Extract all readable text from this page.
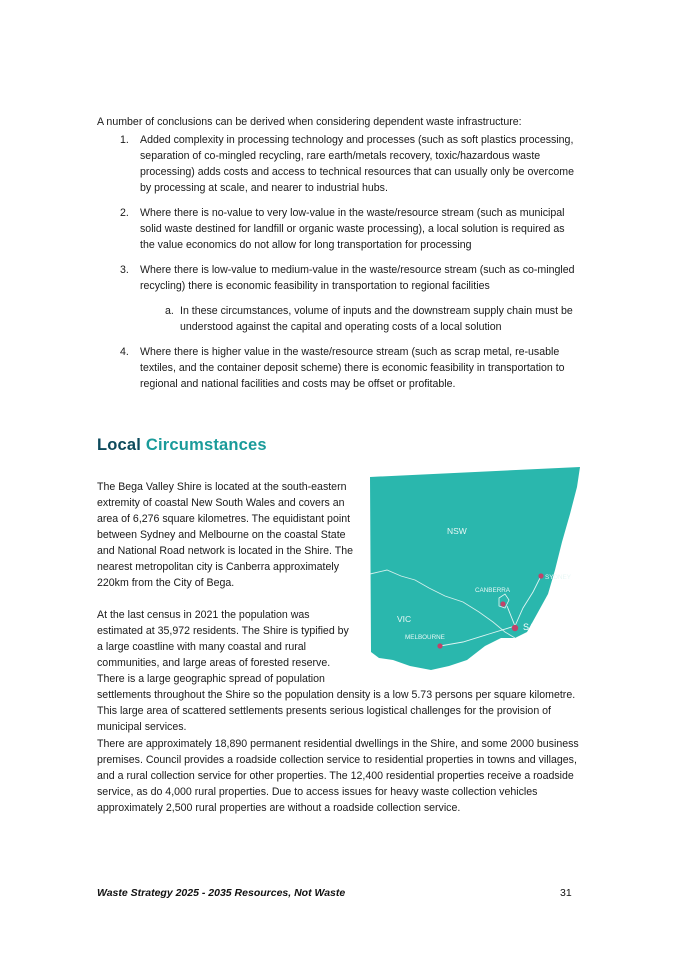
A number of conclusions can be derived when considering dependent waste infrastructure:
1. Added complexity in processing technology and processes (such as soft plastics processing, separation of co-mingled recycling, rare earth/metals recovery, toxic/hazardous waste processing) adds costs and access to technical resources that can usually only be overcome by processing at scale, and nearer to industrial hubs.
2. Where there is no-value to very low-value in the waste/resource stream (such as municipal solid waste destined for landfill or organic waste processing), a local solution is required as the value economics do not allow for long transportation for processing
3. Where there is low-value to medium-value in the waste/resource stream (such as co-mingled recycling) there is economic feasibility in transportation to regional facilities
a. In these circumstances, volume of inputs and the downstream supply chain must be understood against the capital and operating costs of a local solution
4. Where there is higher value in the waste/resource stream (such as scrap metal, re-usable textiles, and the container deposit scheme) there is economic feasibility in transportation to regional and national facilities and costs may be offset or profitable.
Local Circumstances

The Bega Valley Shire is located at the south-eastern extremity of coastal New South Wales and covers an area of 6,276 square kilometres. The equidistant point between Sydney and Melbourne on the coastal State and National Road network is located in the Shire. The nearest metropolitan city is Canberra approximately 220km from the City of Bega.

At the last census in 2021 the population was estimated at 35,972 residents. The Shire is typified by a large coastline with many coastal and rural communities, and large areas of forested reserve. There is a large geographic spread of population

settlements throughout the Shire so the population density is a low 5.73 persons per square kilometre. This large area of scattered settlements presents serious logistical challenges for the provision of municipal services.

There are approximately 18,890 permanent residential dwellings in the Shire, and some 2000 business premises. Council provides a roadside collection service to residential properties in towns and villages, and a rural collection service for other properties. The 12,400 residential properties receive a roadside service, as do 4,000 rural properties. Due to access issues for heavy waste collection vehicles approximately 2,500 rural properties are without a roadside collection service.

NSW
VIC
SYDNEY
CANBERRA
MELBOURNE
SAPPHIRE
COAST
Waste Strategy 2025 - 2035 Resources, Not Waste	31
